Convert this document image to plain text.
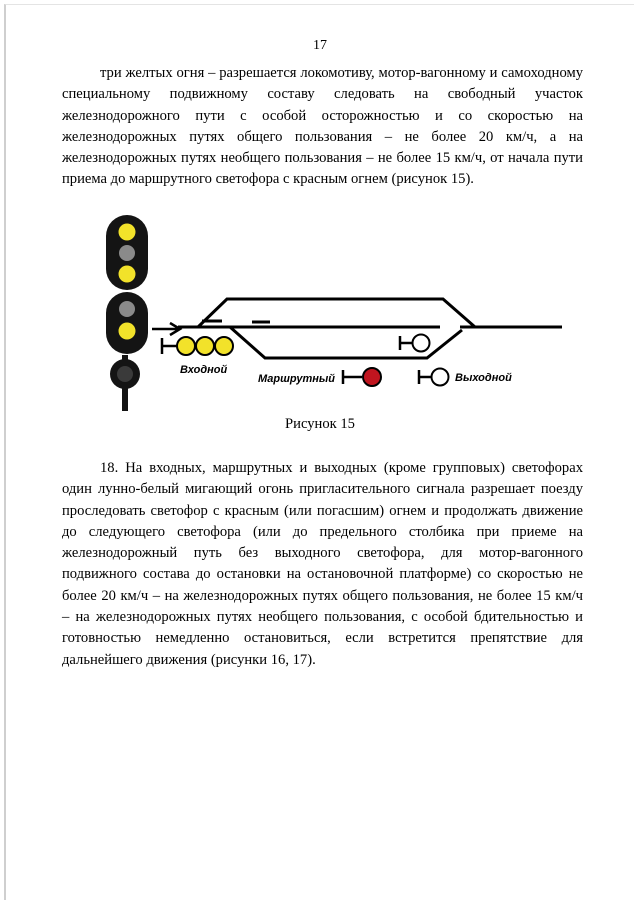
17

три желтых огня – разрешается локомотиву, мотор-вагонному и самоходному специальному подвижному составу следовать на свободный участок железнодорожного пути с особой осторожностью и со скоростью на железнодорожных путях общего пользования – не более 20 км/ч, а на железнодорожных путях необщего пользования – не более 15 км/ч, от начала пути приема до маршрутного светофора с красным огнем (рисунок 15).

Входной
Маршрутный	Выходной
Рисунок 15

18. На входных, маршрутных и выходных (кроме групповых) светофорах один лунно-белый мигающий огонь пригласительного сигнала разрешает поезду проследовать светофор с красным (или погасшим) огнем и продолжать движение до следующего светофора (или до предельного столбика при приеме на железнодорожный путь без выходного светофора, для мотор-вагонного подвижного состава до остановки на остановочной платформе) со скоростью не более 20 км/ч – на железнодорожных путях общего пользования, не более 15 км/ч – на железнодорожных путях необщего пользования, с особой бдительностью и готовностью немедленно остановиться, если встретится препятствие для дальнейшего движения (рисунки 16, 17).
